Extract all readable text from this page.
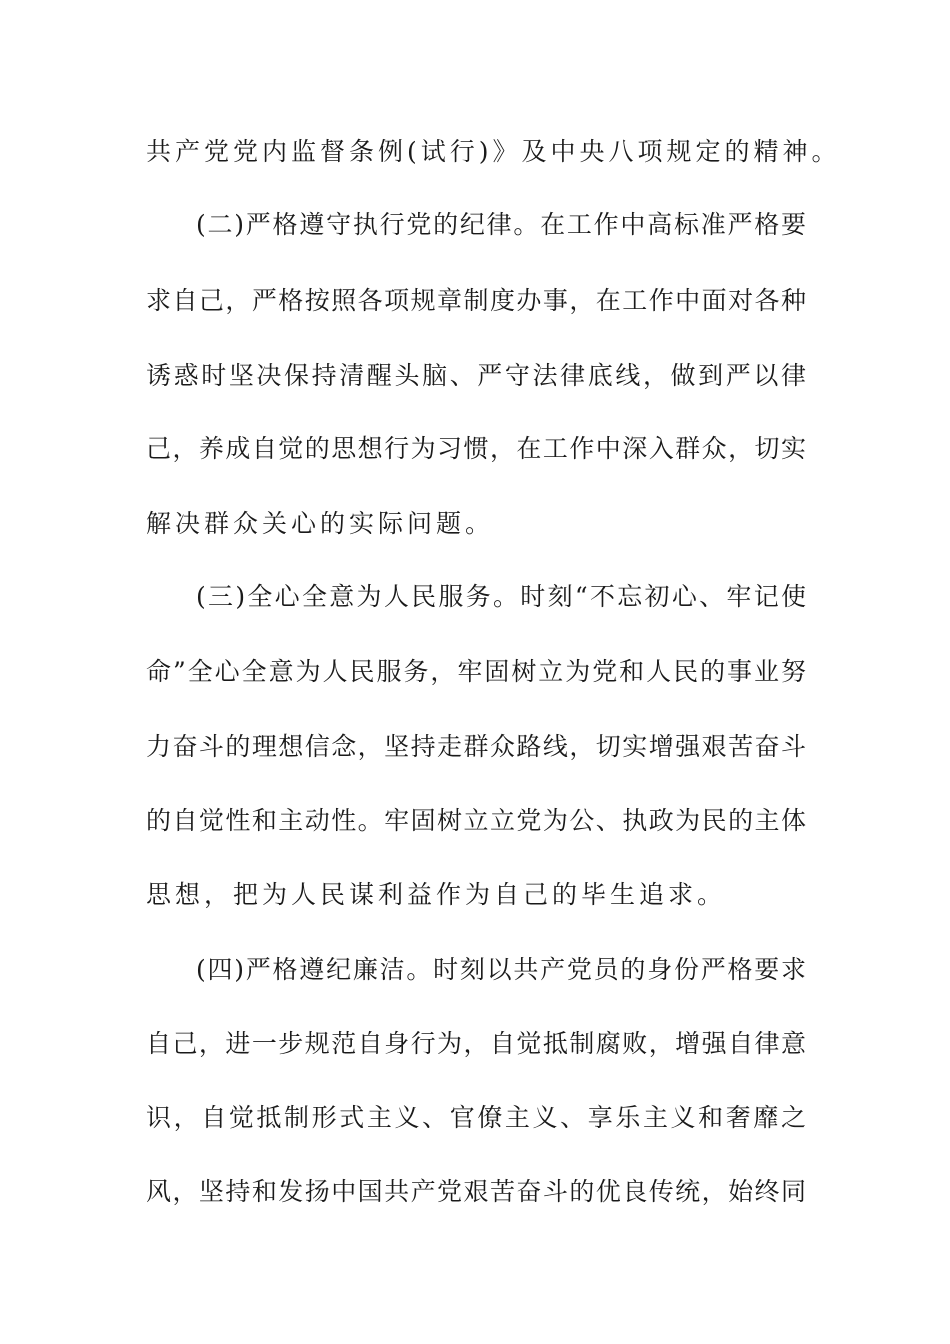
共产党党内监督条例(试行)》及中央八项规定的精神。
(二)严格遵守执行党的纪律。在工作中高标准严格要
求自己，严格按照各项规章制度办事，在工作中面对各种
诱惑时坚决保持清醒头脑、严守法律底线，做到严以律
己，养成自觉的思想行为习惯，在工作中深入群众，切实
解决群众关心的实际问题。
(三)全心全意为人民服务。时刻“不忘初心、牢记使
命”全心全意为人民服务，牢固树立为党和人民的事业努
力奋斗的理想信念，坚持走群众路线，切实增强艰苦奋斗
的自觉性和主动性。牢固树立立党为公、执政为民的主体
思想，把为人民谋利益作为自己的毕生追求。
(四)严格遵纪廉洁。时刻以共产党员的身份严格要求
自己，进一步规范自身行为，自觉抵制腐败，增强自律意
识，自觉抵制形式主义、官僚主义、享乐主义和奢靡之
风，坚持和发扬中国共产党艰苦奋斗的优良传统，始终同
